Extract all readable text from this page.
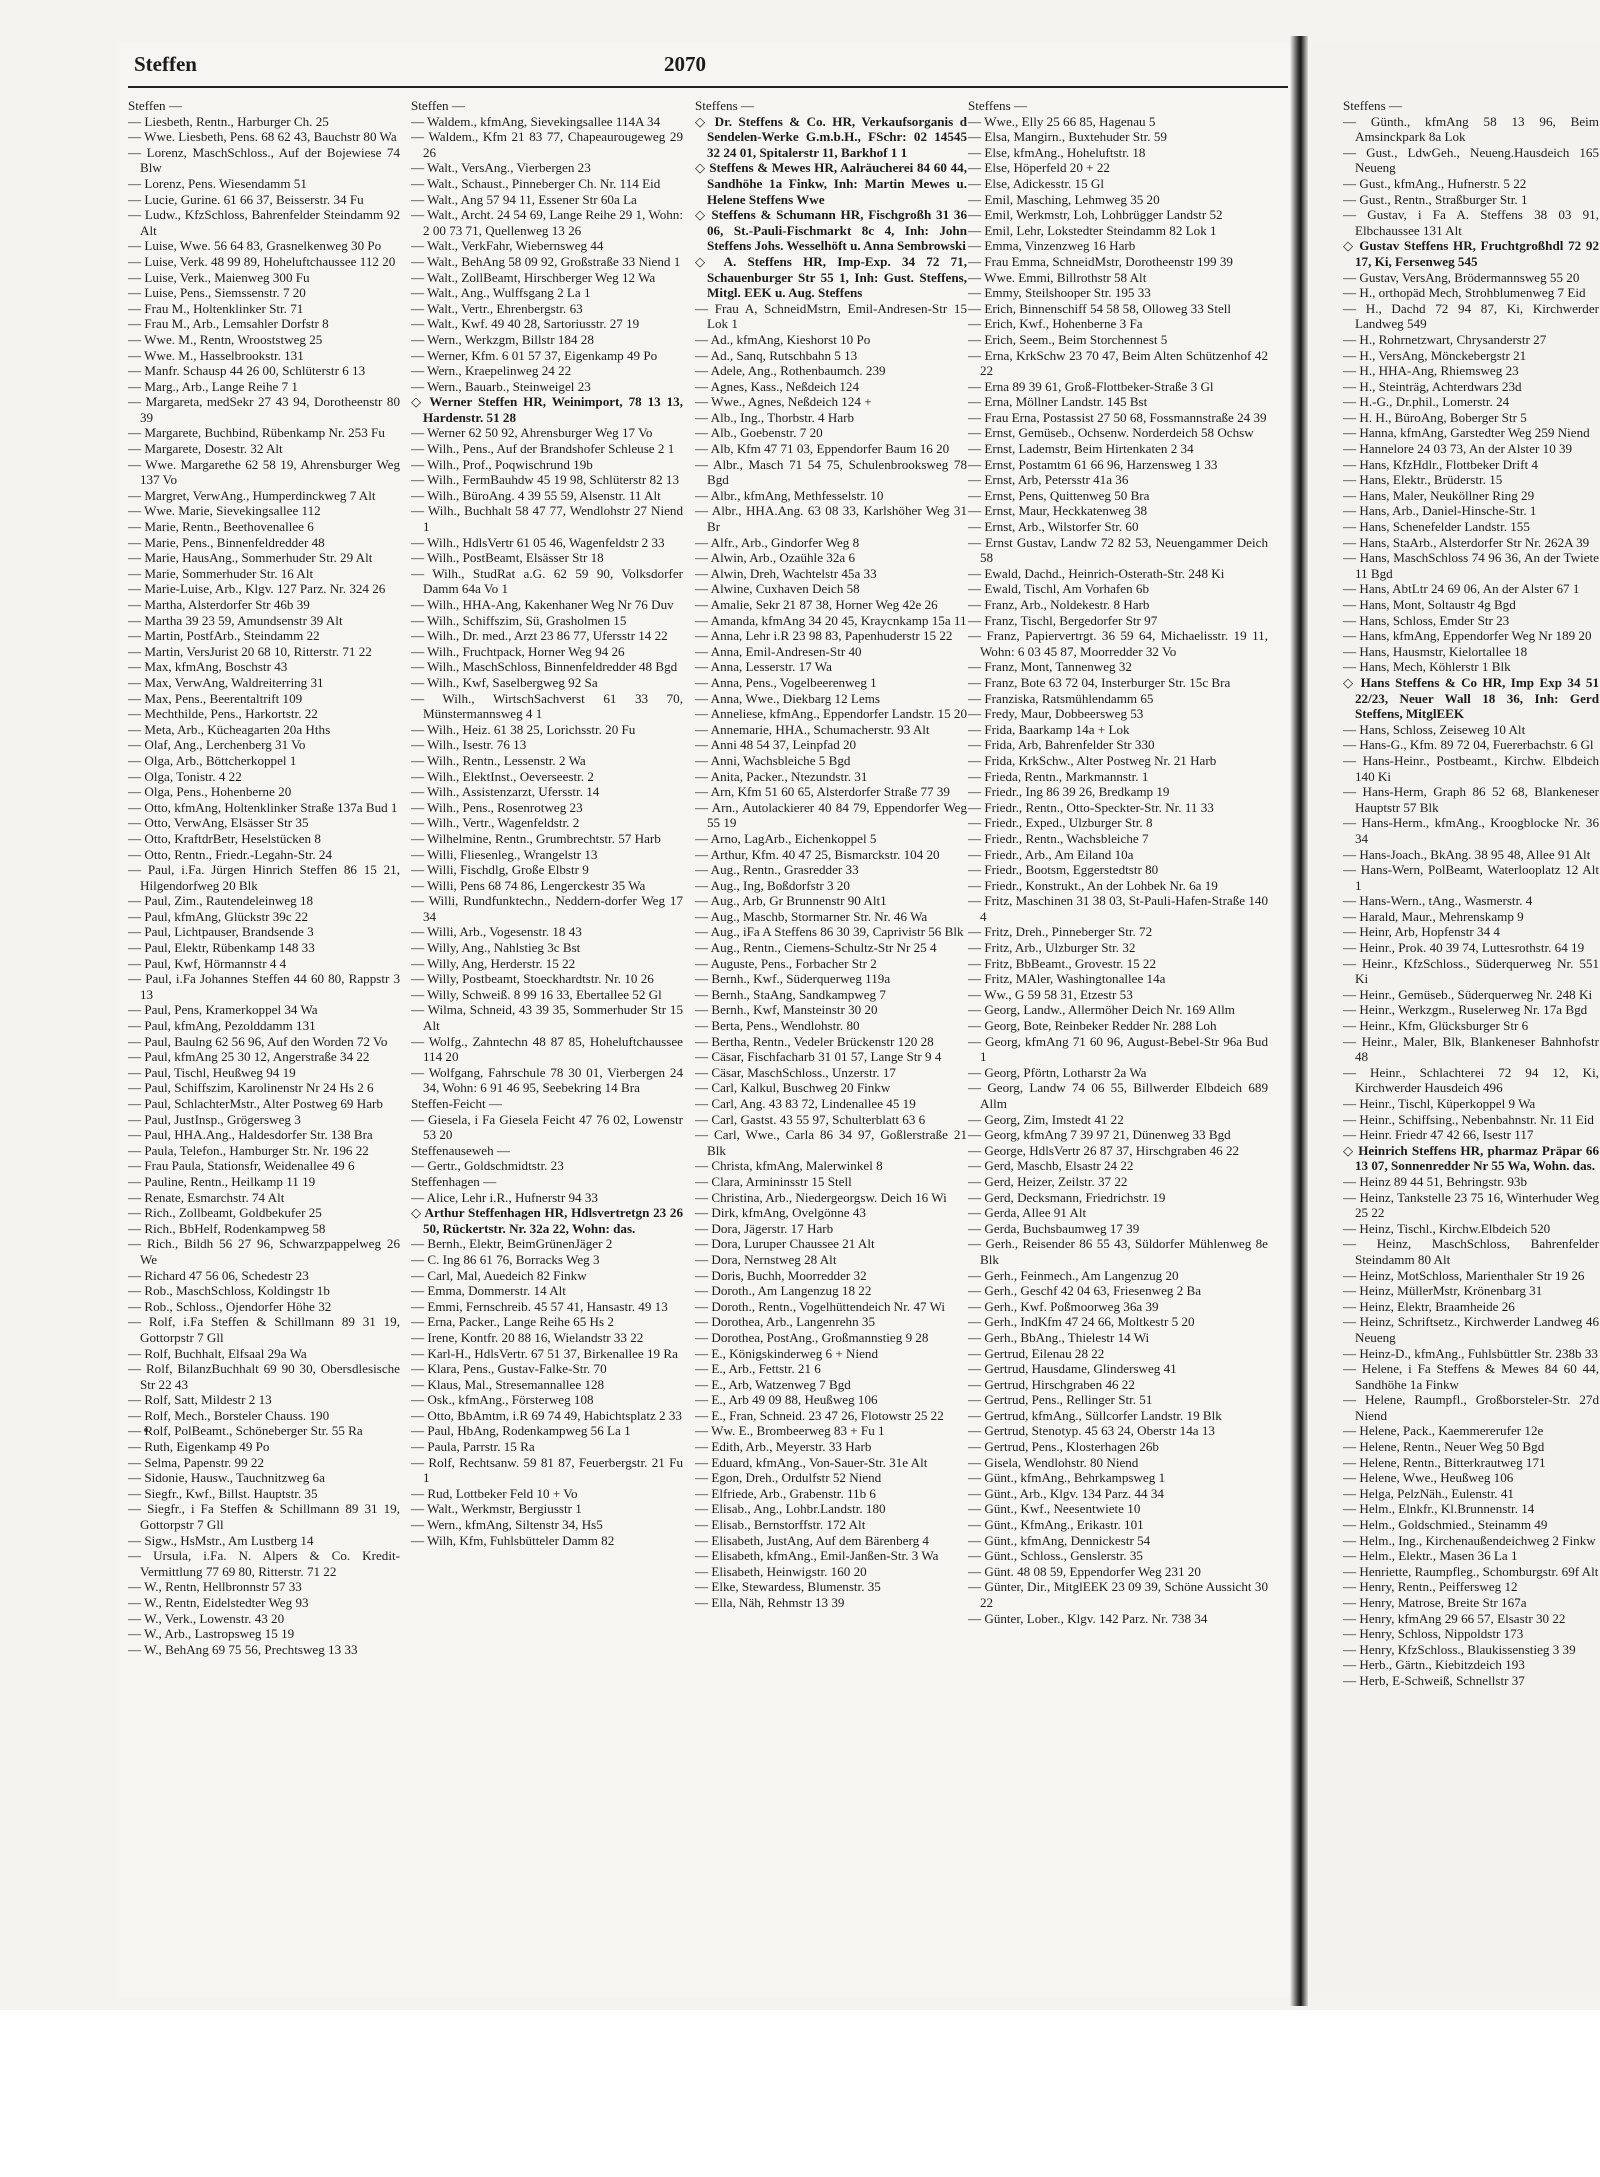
Steffen	2070

Steffen —

— Liesbeth, Rentn., Harburger Ch. 25

— Wwe. Liesbeth, Pens. 68 62 43, Bauchstr 80 Wa

— Lorenz, MaschSchloss., Auf der Bojewiese 74 Blw

— Lorenz, Pens. Wiesendamm 51

— Lucie, Gurine. 61 66 37, Beisserstr. 34 Fu

— Ludw., KfzSchloss, Bahrenfelder Steindamm 92 Alt

— Luise, Wwe. 56 64 83, Grasnelkenweg 30 Po

— Luise, Verk. 48 99 89, Hoheluftchaussee 112 20

— Luise, Verk., Maienweg 300 Fu

— Luise, Pens., Siemssenstr. 7 20

— Frau M., Holtenklinker Str. 71

— Frau M., Arb., Lemsahler Dorfstr 8

— Wwe. M., Rentn, Wrooststweg 25

— Wwe. M., Hasselbrookstr. 131

— Manfr. Schausp 44 26 00, Schlüterstr 6 13

— Marg., Arb., Lange Reihe 7 1

— Margareta, medSekr 27 43 94, Dorotheenstr 80 39

— Margarete, Buchbind, Rübenkamp Nr. 253 Fu

— Margarete, Dosestr. 32 Alt

— Wwe. Margarethe 62 58 19, Ahrensburger Weg 137 Vo

— Margret, VerwAng., Humperdinckweg 7 Alt

— Wwe. Marie, Sievekingsallee 112

— Marie, Rentn., Beethovenallee 6

— Marie, Pens., Binnenfeldredder 48

— Marie, HausAng., Sommerhuder Str. 29 Alt

— Marie, Sommerhuder Str. 16 Alt

— Marie-Luise, Arb., Klgv. 127 Parz. Nr. 324 26

— Martha, Alsterdorfer Str 46b 39

— Martha 39 23 59, Amundsenstr 39 Alt

— Martin, PostfArb., Steindamm 22

— Martin, VersJurist 20 68 10, Ritterstr. 71 22

— Max, kfmAng, Boschstr 43

— Max, VerwAng, Waldreiterring 31

— Max, Pens., Beerentaltrift 109

— Mechthilde, Pens., Harkortstr. 22

— Meta, Arb., Kücheagarten 20a Hths

— Olaf, Ang., Lerchenberg 31 Vo

— Olga, Arb., Böttcherkoppel 1

— Olga, Tonistr. 4 22

— Olga, Pens., Hohenberne 20

— Otto, kfmAng, Holtenklinker Straße 137a Bud 1

— Otto, VerwAng, Elsässer Str 35

— Otto, KraftdrBetr, Heselstücken 8

— Otto, Rentn., Friedr.-Legahn-Str. 24

— Paul, i.Fa. Jürgen Hinrich Steffen 86 15 21, Hilgendorfweg 20 Blk

— Paul, Zim., Rautendeleinweg 18

— Paul, kfmAng, Glückstr 39c 22

— Paul, Lichtpauser, Brandsende 3

— Paul, Elektr, Rübenkamp 148 33

— Paul, Kwf, Hörmannstr 4 4

— Paul, i.Fa Johannes Steffen 44 60 80, Rappstr 3 13

— Paul, Pens, Kramerkoppel 34 Wa

— Paul, kfmAng, Pezolddamm 131

— Paul, Baulng 62 56 96, Auf den Worden 72 Vo

— Paul, kfmAng 25 30 12, Angerstraße 34 22

— Paul, Tischl, Heußweg 94 19

— Paul, Schiffszim, Karolinenstr Nr 24 Hs 2 6

— Paul, SchlachterMstr., Alter Postweg 69 Harb

— Paul, JustInsp., Grögersweg 3

— Paul, HHA.Ang., Haldesdorfer Str. 138 Bra

— Paula, Telefon., Hamburger Str. Nr. 196 22

— Frau Paula, Stationsfr, Weidenallee 49 6

— Pauline, Rentn., Heilkamp 11 19

— Renate, Esmarchstr. 74 Alt

— Rich., Zollbeamt, Goldbekufer 25

— Rich., BbHelf, Rodenkampweg 58

— Rich., Bildh 56 27 96, Schwarzpappelweg 26 We

— Richard 47 56 06, Schedestr 23

— Rob., MaschSchloss, Koldingstr 1b

— Rob., Schloss., Ojendorfer Höhe 32

— Rolf, i.Fa Steffen & Schillmann 89 31 19, Gottorpstr 7 Gll

— Rolf, Buchhalt, Elfsaal 29a Wa

— Rolf, BilanzBuchhalt 69 90 30, Obersdlesische Str 22 43

— Rolf, Satt, Mildestr 2 13

— Rolf, Mech., Borsteler Chauss. 190

— Rolf, PolBeamt., Schöneberger Str. 55 Ra

— Ruth, Eigenkamp 49 Po

— Selma, Papenstr. 99 22

— Sidonie, Hausw., Tauchnitzweg 6a

— Siegfr., Kwf., Billst. Hauptstr. 35

— Siegfr., i Fa Steffen & Schillmann 89 31 19, Gottorpstr 7 Gll

— Sigw., HsMstr., Am Lustberg 14

— Ursula, i.Fa. N. Alpers & Co. Kredit-Vermittlung 77 69 80, Ritterstr. 71 22

— W., Rentn, Hellbronnstr 57 33

— W., Rentn, Eidelstedter Weg 93

— W., Verk., Lowenstr. 43 20

— W., Arb., Lastropsweg 15 19

— W., BehAng 69 75 56, Prechtsweg 13 33

Steffen —

— Waldem., kfmAng, Sievekingsallee 114A 34

— Waldem., Kfm 21 83 77, Chapeaurougeweg 29 26

— Walt., VersAng., Vierbergen 23

— Walt., Schaust., Pinneberger Ch. Nr. 114 Eid

— Walt., Ang 57 94 11, Essener Str 60a La

— Walt., Archt. 24 54 69, Lange Reihe 29 1, Wohn: 2 00 73 71, Quellenweg 13 26

— Walt., VerkFahr, Wiebernsweg 44

— Walt., BehAng 58 09 92, Großstraße 33 Niend 1

— Walt., ZollBeamt, Hirschberger Weg 12 Wa

— Walt., Ang., Wulffsgang 2 La 1

— Walt., Vertr., Ehrenbergstr. 63

— Walt., Kwf. 49 40 28, Sartoriusstr. 27 19

— Wern., Werkzgm, Billstr 184 28

— Werner, Kfm. 6 01 57 37, Eigenkamp 49 Po

— Wern., Kraepelinweg 24 22

— Wern., Bauarb., Steinweigel 23

◇ Werner Steffen HR, Weinimport, 78 13 13, Hardenstr. 51 28

— Werner 62 50 92, Ahrensburger Weg 17 Vo

— Wilh., Pens., Auf der Brandshofer Schleuse 2 1

— Wilh., Prof., Poqwischrund 19b

— Wilh., FermBauhdw 45 19 98, Schlüterstr 82 13

— Wilh., BüroAng. 4 39 55 59, Alsenstr. 11 Alt

— Wilh., Buchhalt 58 47 77, Wendlohstr 27 Niend 1

— Wilh., HdlsVertr 61 05 46, Wagenfeldstr 2 33

— Wilh., PostBeamt, Elsässer Str 18

— Wilh., StudRat a.G. 62 59 90, Volksdorfer Damm 64a Vo 1

— Wilh., HHA-Ang, Kakenhaner Weg Nr 76 Duv

— Wilh., Schiffszim, Sü, Grasholmen 15

— Wilh., Dr. med., Arzt 23 86 77, Ufersstr 14 22

— Wilh., Fruchtpack, Horner Weg 94 26

— Wilh., MaschSchloss, Binnenfeldredder 48 Bgd

— Wilh., Kwf, Saselbergweg 92 Sa

— Wilh., WirtschSachverst 61 33 70, Münstermannsweg 4 1

— Wilh., Heiz. 61 38 25, Lorichsstr. 20 Fu

— Wilh., Isestr. 76 13

— Wilh., Rentn., Lessenstr. 2 Wa

— Wilh., ElektInst., Oeverseestr. 2

— Wilh., Assistenzarzt, Ufersstr. 14

— Wilh., Pens., Rosenrotweg 23

— Wilh., Vertr., Wagenfeldstr. 2

— Wilhelmine, Rentn., Grumbrechtstr. 57 Harb

— Willi, Fliesenleg., Wrangelstr 13

— Willi, Fischdlg, Große Elbstr 9

— Willi, Pens 68 74 86, Lengerckestr 35 Wa

— Willi, Rundfunktechn., Neddern-dorfer Weg 17 34

— Willi, Arb., Vogesenstr. 18 43

— Willy, Ang., Nahlstieg 3c Bst

— Willy, Ang, Herderstr. 15 22

— Willy, Postbeamt, Stoeckhardtstr. Nr. 10 26

— Willy, Schweiß. 8 99 16 33, Ebertallee 52 Gl

— Wilma, Schneid, 43 39 35, Sommerhuder Str 15 Alt

— Wolfg., Zahntechn 48 87 85, Hoheluftchaussee 114 20

— Wolfgang, Fahrschule 78 30 01, Vierbergen 24 34, Wohn: 6 91 46 95, Seebekring 14 Bra

Steffen-Feicht —

— Giesela, i Fa Giesela Feicht 47 76 02, Lowenstr 53 20

Steffenauseweh —

— Gertr., Goldschmidtstr. 23

Steffenhagen —

— Alice, Lehr i.R., Hufnerstr 94 33

◇ Arthur Steffenhagen HR, Hdlsvertretgn 23 26 50, Rückertstr. Nr. 32a 22, Wohn: das.

— Bernh., Elektr, BeimGrünenJäger 2

— C. Ing 86 61 76, Borracks Weg 3

— Carl, Mal, Auedeich 82 Finkw

— Emma, Dommerstr. 14 Alt

— Emmi, Fernschreib. 45 57 41, Hansastr. 49 13

— Erna, Packer., Lange Reihe 65 Hs 2

— Irene, Kontfr. 20 88 16, Wielandstr 33 22

— Karl-H., HdlsVertr. 67 51 37, Birkenallee 19 Ra

— Klara, Pens., Gustav-Falke-Str. 70

— Klaus, Mal., Stresemannallee 128

— Osk., kfmAng., Försterweg 108

— Otto, BbAmtm, i.R 69 74 49, Habichtsplatz 2 33

— Paul, HbAng, Rodenkampweg 56 La 1

— Paula, Parrstr. 15 Ra

— Rolf, Rechtsanw. 59 81 87, Feuerbergstr. 21 Fu 1

— Rud, Lottbeker Feld 10 + Vo

— Walt., Werkmstr, Bergiusstr 1

— Wern., kfmAng, Siltenstr 34, Hs5

— Wilh, Kfm, Fuhlsbütteler Damm 82

Steffens —

◇ Dr. Steffens & Co. HR, Verkaufsorganis d Sendelen-Werke G.m.b.H., FSchr: 02 14545 32 24 01, Spitalerstr 11, Barkhof 1 1

◇ Steffens & Mewes HR, Aalräucherei 84 60 44, Sandhöhe 1a Finkw, Inh: Martin Mewes u. Helene Steffens Wwe

◇ Steffens & Schumann HR, Fischgroßh 31 36 06, St.-Pauli-Fischmarkt 8c 4, Inh: John Steffens Johs. Wesselhöft u. Anna Sembrowski

◇ A. Steffens HR, Imp-Exp. 34 72 71, Schauenburger Str 55 1, Inh: Gust. Steffens, Mitgl. EEK u. Aug. Steffens

— Frau A, SchneidMstrn, Emil-Andresen-Str 15 Lok 1

— Ad., kfmAng, Kieshorst 10 Po

— Ad., Sanq, Rutschbahn 5 13

— Adele, Ang., Rothenbaumch. 239

— Agnes, Kass., Neßdeich 124

— Wwe., Agnes, Neßdeich 124 +

— Alb., Ing., Thorbstr. 4 Harb

— Alb., Goebenstr. 7 20

— Alb, Kfm 47 71 03, Eppendorfer Baum 16 20

— Albr., Masch 71 54 75, Schulenbrooksweg 78 Bgd

— Albr., kfmAng, Methfesselstr. 10

— Albr., HHA.Ang. 63 08 33, Karlshöher Weg 31 Br

— Alfr., Arb., Gindorfer Weg 8

— Alwin, Arb., Ozaühle 32a 6

— Alwin, Dreh, Wachtelstr 45a 33

— Alwine, Cuxhaven Deich 58

— Amalie, Sekr 21 87 38, Horner Weg 42e 26

— Amanda, kfmAng 34 20 45, Kraycnkamp 15a 11

— Anna, Lehr i.R 23 98 83, Papenhuderstr 15 22

— Anna, Emil-Andresen-Str 40

— Anna, Lesserstr. 17 Wa

— Anna, Pens., Vogelbeerenweg 1

— Anna, Wwe., Diekbarg 12 Lems

— Anneliese, kfmAng., Eppendorfer Landstr. 15 20

— Annemarie, HHA., Schumacherstr. 93 Alt

— Anni 48 54 37, Leinpfad 20

— Anni, Wachsbleiche 5 Bgd

— Anita, Packer., Ntezundstr. 31

— Arn, Kfm 51 60 65, Alsterdorfer Straße 77 39

— Arn., Autolackierer 40 84 79, Eppendorfer Weg 55 19

— Arno, LagArb., Eichenkoppel 5

— Arthur, Kfm. 40 47 25, Bismarckstr. 104 20

— Aug., Rentn., Grasredder 33

— Aug., Ing, Boßdorfstr 3 20

— Aug., Arb, Gr Brunnenstr 90 Alt1

— Aug., Maschb, Stormarner Str. Nr. 46 Wa

— Aug., iFa A Steffens 86 30 39, Caprivistr 56 Blk

— Aug., Rentn., Ciemens-Schultz-Str Nr 25 4

— Auguste, Pens., Forbacher Str 2

— Bernh., Kwf., Süderquerweg 119a

— Bernh., StaAng, Sandkampweg 7

— Bernh., Kwf, Mansteinstr 30 20

— Berta, Pens., Wendlohstr. 80

— Bertha, Rentn., Vedeler Brückenstr 120 28

— Cäsar, Fischfacharb 31 01 57, Lange Str 9 4

— Cäsar, MaschSchloss., Unzerstr. 17

— Carl, Kalkul, Buschweg 20 Finkw

— Carl, Ang. 43 83 72, Lindenallee 45 19

— Carl, Gastst. 43 55 97, Schulterblatt 63 6

— Carl, Wwe., Carla 86 34 97, Goßlerstraße 21 Blk

— Christa, kfmAng, Malerwinkel 8

— Clara, Armininsstr 15 Stell

— Christina, Arb., Niedergeorgsw. Deich 16 Wi

— Dirk, kfmAng, Ovelgönne 43

— Dora, Jägerstr. 17 Harb

— Dora, Luruper Chaussee 21 Alt

— Dora, Nernstweg 28 Alt

— Doris, Buchh, Moorredder 32

— Doroth., Am Langenzug 18 22

— Doroth., Rentn., Vogelhüttendeich Nr. 47 Wi

— Dorothea, Arb., Langenrehn 35

— Dorothea, PostAng., Großmannstieg 9 28

— E., Königskinderweg 6 + Niend

— E., Arb., Fettstr. 21 6

— E., Arb, Watzenweg 7 Bgd

— E., Arb 49 09 88, Heußweg 106

— E., Fran, Schneid. 23 47 26, Flotowstr 25 22

— Ww. E., Brombeerweg 83 + Fu 1

— Edith, Arb., Meyerstr. 33 Harb

— Eduard, kfmAng., Von-Sauer-Str. 31e Alt

— Egon, Dreh., Ordulfstr 52 Niend

— Elfriede, Arb., Grabenstr. 11b 6

— Elisab., Ang., Lohbr.Landstr. 180

— Elisab., Bernstorffstr. 172 Alt

— Elisabeth, JustAng, Auf dem Bärenberg 4

— Elisabeth, kfmAng., Emil-Janßen-Str. 3 Wa

— Elisabeth, Heinwigstr. 160 20

— Elke, Stewardess, Blumenstr. 35

— Ella, Näh, Rehmstr 13 39

Steffens —

— Wwe., Elly 25 66 85, Hagenau 5

— Elsa, Mangirn., Buxtehuder Str. 59

— Else, kfmAng., Hoheluftstr. 18

— Else, Höperfeld 20 + 22

— Else, Adickesstr. 15 Gl

— Emil, Masching, Lehmweg 35 20

— Emil, Werkmstr, Loh, Lohbrügger Landstr 52

— Emil, Lehr, Lokstedter Steindamm 82 Lok 1

— Emma, Vinzenzweg 16 Harb

— Frau Emma, SchneidMstr, Dorotheenstr 199 39

— Wwe. Emmi, Billrothstr 58 Alt

— Emmy, Steilshooper Str. 195 33

— Erich, Binnenschiff 54 58 58, Olloweg 33 Stell

— Erich, Kwf., Hohenberne 3 Fa

— Erich, Seem., Beim Storchennest 5

— Erna, KrkSchw 23 70 47, Beim Alten Schützenhof 42 22

— Erna 89 39 61, Groß-Flottbeker-Straße 3 Gl

— Erna, Möllner Landstr. 145 Bst

— Frau Erna, Postassist 27 50 68, Fossmannstraße 24 39

— Ernst, Gemüseb., Ochsenw. Norderdeich 58 Ochsw

— Ernst, Lademstr, Beim Hirtenkaten 2 34

— Ernst, Postamtm 61 66 96, Harzensweg 1 33

— Ernst, Arb, Petersstr 41a 36

— Ernst, Pens, Quittenweg 50 Bra

— Ernst, Maur, Heckkatenweg 38

— Ernst, Arb., Wilstorfer Str. 60

— Ernst Gustav, Landw 72 82 53, Neuengammer Deich 58

— Ewald, Dachd., Heinrich-Osterath-Str. 248 Ki

— Ewald, Tischl, Am Vorhafen 6b

— Franz, Arb., Noldekestr. 8 Harb

— Franz, Tischl, Bergedorfer Str 97

— Franz, Papiervertrgt. 36 59 64, Michaelisstr. 19 11, Wohn: 6 03 45 87, Moorredder 32 Vo

— Franz, Mont, Tannenweg 32

— Franz, Bote 63 72 04, Insterburger Str. 15c Bra

— Franziska, Ratsmühlendamm 65

— Fredy, Maur, Dobbeersweg 53

— Frida, Baarkamp 14a + Lok

— Frida, Arb, Bahrenfelder Str 330

— Frida, KrkSchw., Alter Postweg Nr. 21 Harb

— Frieda, Rentn., Markmannstr. 1

— Friedr., Ing 86 39 26, Bredkamp 19

— Friedr., Rentn., Otto-Speckter-Str. Nr. 11 33

— Friedr., Exped., Ulzburger Str. 8

— Friedr., Rentn., Wachsbleiche 7

— Friedr., Arb., Am Eiland 10a

— Friedr., Bootsm, Eggerstedtstr 80

— Friedr., Konstrukt., An der Lohbek Nr. 6a 19

— Fritz, Maschinen 31 38 03, St-Pauli-Hafen-Straße 140 4

— Fritz, Dreh., Pinneberger Str. 72

— Fritz, Arb., Ulzburger Str. 32

— Fritz, BbBeamt., Grovestr. 15 22

— Fritz, MAler, Washingtonallee 14a

— Ww., G 59 58 31, Etzestr 53

— Georg, Landw., Allermöher Deich Nr. 169 Allm

— Georg, Bote, Reinbeker Redder Nr. 288 Loh

— Georg, kfmAng 71 60 96, August-Bebel-Str 96a Bud 1

— Georg, Pförtn, Lotharstr 2a Wa

— Georg, Landw 74 06 55, Billwerder Elbdeich 689 Allm

— Georg, Zim, Imstedt 41 22

— Georg, kfmAng 7 39 97 21, Dünenweg 33 Bgd

— George, HdlsVertr 26 87 37, Hirschgraben 46 22

— Gerd, Maschb, Elsastr 24 22

— Gerd, Heizer, Zeilstr. 37 22

— Gerd, Decksmann, Friedrichstr. 19

— Gerda, Allee 91 Alt

— Gerda, Buchsbaumweg 17 39

— Gerh., Reisender 86 55 43, Süldorfer Mühlenweg 8e Blk

— Gerh., Feinmech., Am Langenzug 20

— Gerh., Geschf 42 04 63, Friesenweg 2 Ba

— Gerh., Kwf. Poßmoorweg 36a 39

— Gerh., IndKfm 47 24 66, Moltkestr 5 20

— Gerh., BbAng., Thielestr 14 Wi

— Gertrud, Eilenau 28 22

— Gertrud, Hausdame, Glindersweg 41

— Gertrud, Hirschgraben 46 22

— Gertrud, Pens., Rellinger Str. 51

— Gertrud, kfmAng., Süllcorfer Landstr. 19 Blk

— Gertrud, Stenotyp. 45 63 24, Oberstr 14a 13

— Gertrud, Pens., Klosterhagen 26b

— Gisela, Wendlohstr. 80 Niend

— Günt., kfmAng., Behrkampsweg 1

— Günt., Arb., Klgv. 134 Parz. 44 34

— Günt., Kwf., Neesentwiete 10

— Günt., KfmAng., Erikastr. 101

— Günt., kfmAng, Dennickestr 54

— Günt., Schloss., Genslerstr. 35

— Günt. 48 08 59, Eppendorfer Weg 231 20

— Günter, Dir., MitglEEK 23 09 39, Schöne Aussicht 30 22

— Günter, Lober., Klgv. 142 Parz. Nr. 738 34

Steffens —

— Günth., kfmAng 58 13 96, Beim Amsinckpark 8a Lok

— Gust., LdwGeh., Neueng.Hausdeich 165 Neueng

— Gust., kfmAng., Hufnerstr. 5 22

— Gust., Rentn., Straßburger Str. 1

— Gustav, i Fa A. Steffens 38 03 91, Elbchaussee 131 Alt

◇ Gustav Steffens HR, Fruchtgroßhdl 72 92 17, Ki, Fersenweg 545

— Gustav, VersAng, Brödermannsweg 55 20

— H., orthopäd Mech, Strohblumenweg 7 Eid

— H., Dachd 72 94 87, Ki, Kirchwerder Landweg 549

— H., Rohrnetzwart, Chrysanderstr 27

— H., VersAng, Mönckebergstr 21

— H., HHA-Ang, Rhiemsweg 23

— H., Steinträg, Achterdwars 23d

— H.-G., Dr.phil., Lomerstr. 24

— H. H., BüroAng, Boberger Str 5

— Hanna, kfmAng, Garstedter Weg 259 Niend

— Hannelore 24 03 73, An der Alster 10 39

— Hans, KfzHdlr., Flottbeker Drift 4

— Hans, Elektr., Brüderstr. 15

— Hans, Maler, Neuköllner Ring 29

— Hans, Arb., Daniel-Hinsche-Str. 1

— Hans, Schenefelder Landstr. 155

— Hans, StaArb., Alsterdorfer Str Nr. 262A 39

— Hans, MaschSchloss 74 96 36, An der Twiete 11 Bgd

— Hans, AbtLtr 24 69 06, An der Alster 67 1

— Hans, Mont, Soltaustr 4g Bgd

— Hans, Schloss, Emder Str 23

— Hans, kfmAng, Eppendorfer Weg Nr 189 20

— Hans, Hausmstr, Kielortallee 18

— Hans, Mech, Köhlerstr 1 Blk

◇ Hans Steffens & Co HR, Imp Exp 34 51 22/23, Neuer Wall 18 36, Inh: Gerd Steffens, MitglEEK

— Hans, Schloss, Zeiseweg 10 Alt

— Hans-G., Kfm. 89 72 04, Fuererbachstr. 6 Gl

— Hans-Heinr., Postbeamt., Kirchw. Elbdeich 140 Ki

— Hans-Herm, Graph 86 52 68, Blankeneser Hauptstr 57 Blk

— Hans-Herm., kfmAng., Kroogblocke Nr. 36 34

— Hans-Joach., BkAng. 38 95 48, Allee 91 Alt

— Hans-Wern, PolBeamt, Waterlooplatz 12 Alt 1

— Hans-Wern., tAng., Wasmerstr. 4

— Harald, Maur., Mehrenskamp 9

— Heinr, Arb, Hopfenstr 34 4

— Heinr., Prok. 40 39 74, Luttesrothstr. 64 19

— Heinr., KfzSchloss., Süderquerweg Nr. 551 Ki

— Heinr., Gemüseb., Süderquerweg Nr. 248 Ki

— Heinr., Werkzgm., Ruselerweg Nr. 17a Bgd

— Heinr., Kfm, Glücksburger Str 6

— Heinr., Maler, Blk, Blankeneser Bahnhofstr 48

— Heinr., Schlachterei 72 94 12, Ki, Kirchwerder Hausdeich 496

— Heinr., Tischl, Küperkoppel 9 Wa

— Heinr., Schiffsing., Nebenbahnstr. Nr. 11 Eid

— Heinr. Friedr 47 42 66, Isestr 117

◇ Heinrich Steffens HR, pharmaz Präpar 66 13 07, Sonnenredder Nr 55 Wa, Wohn. das.

— Heinz 89 44 51, Behringstr. 93b

— Heinz, Tankstelle 23 75 16, Winterhuder Weg 25 22

— Heinz, Tischl., Kirchw.Elbdeich 520

— Heinz, MaschSchloss, Bahrenfelder Steindamm 80 Alt

— Heinz, MotSchloss, Marienthaler Str 19 26

— Heinz, MüllerMstr, Krönenbarg 31

— Heinz, Elektr, Braamheide 26

— Heinz, Schriftsetz., Kirchwerder Landweg 46 Neueng

— Heinz-D., kfmAng., Fuhlsbüttler Str. 238b 33

— Helene, i Fa Steffens & Mewes 84 60 44, Sandhöhe 1a Finkw

— Helene, Raumpfl., Großborsteler-Str. 27d Niend

— Helene, Pack., Kaemmererufer 12e

— Helene, Rentn., Neuer Weg 50 Bgd

— Helene, Rentn., Bitterkrautweg 171

— Helene, Wwe., Heußweg 106

— Helga, PelzNäh., Eulenstr. 41

— Helm., Elnkfr., Kl.Brunnenstr. 14

— Helm., Goldschmied., Steinamm 49

— Helm., Ing., Kirchenaußendeichweg 2 Finkw

— Helm., Elektr., Masen 36 La 1

— Henriette, Raumpfleg., Schomburgstr. 69f Alt

— Henry, Rentn., Peiffersweg 12

— Henry, Matrose, Breite Str 167a

— Henry, kfmAng 29 66 57, Elsastr 30 22

— Henry, Schloss, Nippoldstr 173

— Henry, KfzSchloss., Blaukissenstieg 3 39

— Herb., Gärtn., Kiebitzdeich 193

— Herb, E-Schweiß, Schnellstr 37
